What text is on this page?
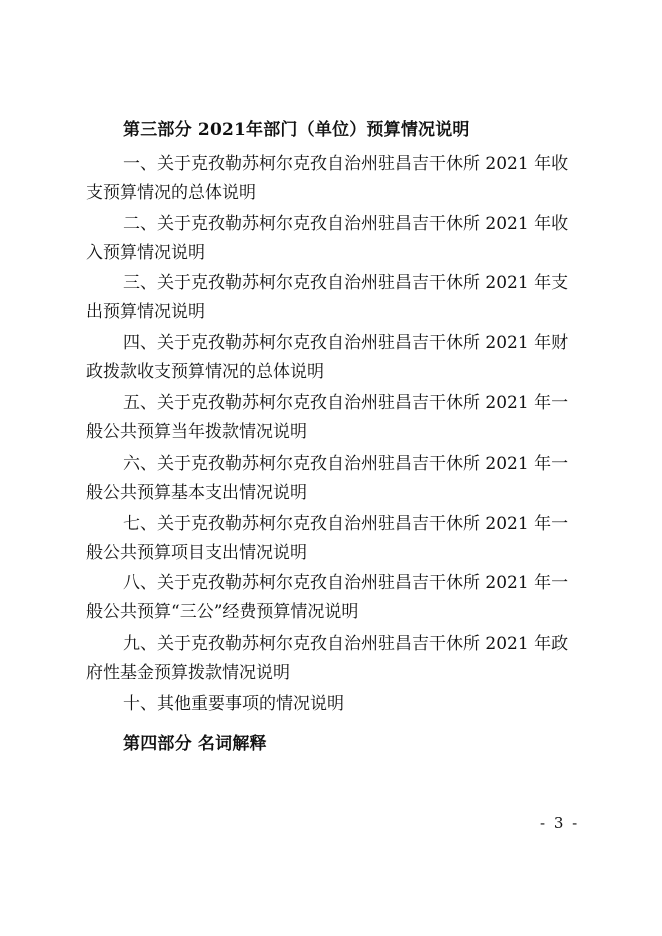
第三部分 2021年部门（单位）预算情况说明
一、关于克孜勒苏柯尔克孜自治州驻昌吉干休所 2021 年收
支预算情况的总体说明
二、关于克孜勒苏柯尔克孜自治州驻昌吉干休所 2021 年收
入预算情况说明
三、关于克孜勒苏柯尔克孜自治州驻昌吉干休所 2021 年支
出预算情况说明
四、关于克孜勒苏柯尔克孜自治州驻昌吉干休所 2021 年财
政拨款收支预算情况的总体说明
五、关于克孜勒苏柯尔克孜自治州驻昌吉干休所 2021 年一
般公共预算当年拨款情况说明
六、关于克孜勒苏柯尔克孜自治州驻昌吉干休所 2021 年一
般公共预算基本支出情况说明
七、关于克孜勒苏柯尔克孜自治州驻昌吉干休所 2021 年一
般公共预算项目支出情况说明
八、关于克孜勒苏柯尔克孜自治州驻昌吉干休所 2021 年一
般公共预算“三公”经费预算情况说明
九、关于克孜勒苏柯尔克孜自治州驻昌吉干休所 2021 年政
府性基金预算拨款情况说明
十、其他重要事项的情况说明
第四部分 名词解释
- 3 -
